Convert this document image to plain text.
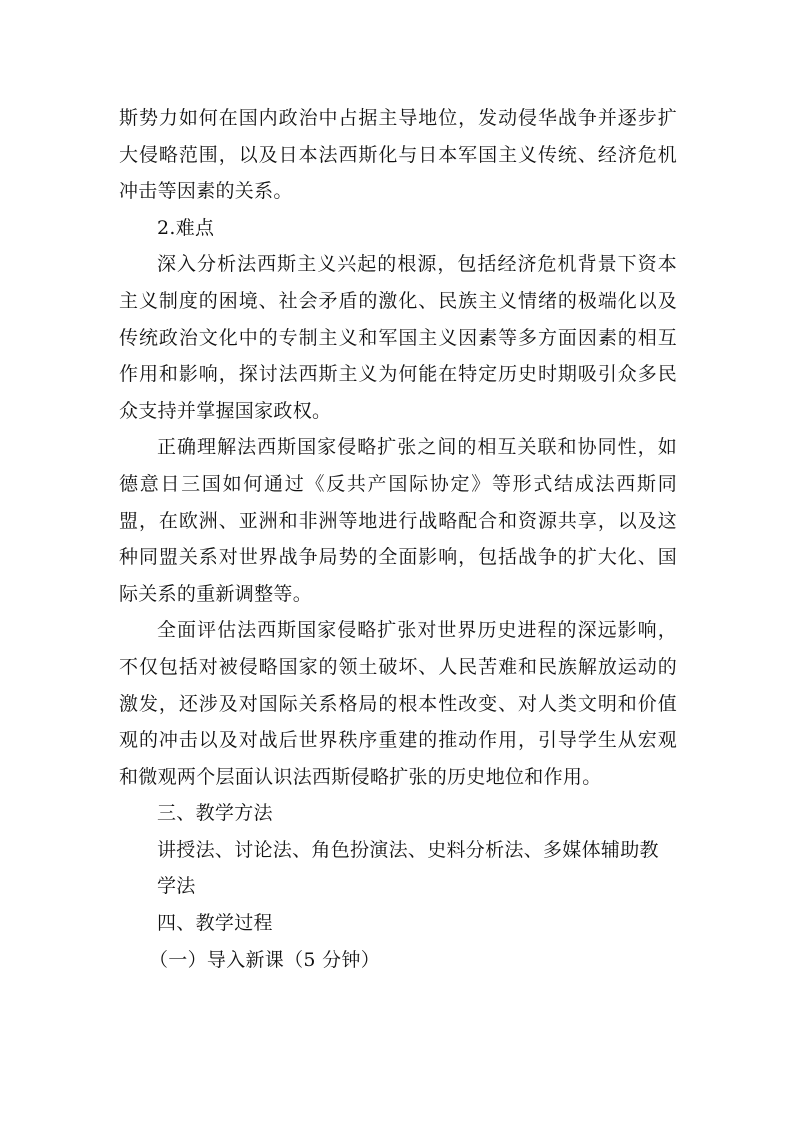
斯势力如何在国内政治中占据主导地位，发动侵华战争并逐步扩大侵略范围，以及日本法西斯化与日本军国主义传统、经济危机冲击等因素的关系。

2.难点

深入分析法西斯主义兴起的根源，包括经济危机背景下资本主义制度的困境、社会矛盾的激化、民族主义情绪的极端化以及传统政治文化中的专制主义和军国主义因素等多方面因素的相互作用和影响，探讨法西斯主义为何能在特定历史时期吸引众多民众支持并掌握国家政权。

正确理解法西斯国家侵略扩张之间的相互关联和协同性，如德意日三国如何通过《反共产国际协定》等形式结成法西斯同盟，在欧洲、亚洲和非洲等地进行战略配合和资源共享，以及这种同盟关系对世界战争局势的全面影响，包括战争的扩大化、国际关系的重新调整等。

全面评估法西斯国家侵略扩张对世界历史进程的深远影响，不仅包括对被侵略国家的领土破坏、人民苦难和民族解放运动的激发，还涉及对国际关系格局的根本性改变、对人类文明和价值观的冲击以及对战后世界秩序重建的推动作用，引导学生从宏观和微观两个层面认识法西斯侵略扩张的历史地位和作用。

三、教学方法

讲授法、讨论法、角色扮演法、史料分析法、多媒体辅助教学法

四、教学过程

（一）导入新课（5 分钟）
